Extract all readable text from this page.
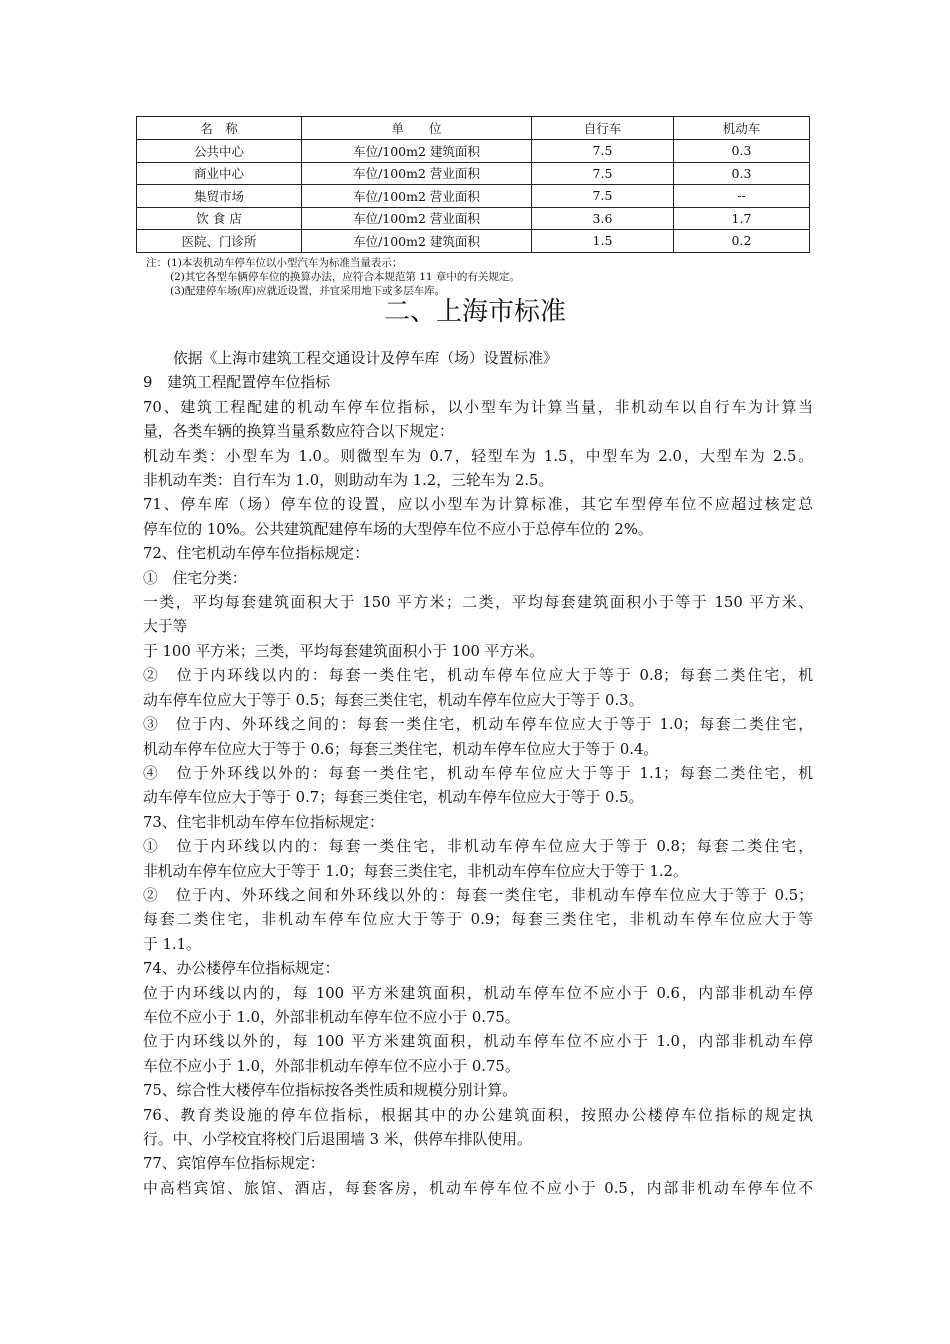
名　称	单　　位	自行车	机动车
公共中心	车位/100m2 建筑面积	7.5	0.3
商业中心	车位/100m2 营业面积	7.5	0.3
集贸市场	车位/100m2 营业面积	7.5	--
饮 食 店	车位/100m2 营业面积	3.6	1.7
医院、门诊所	车位/100m2 建筑面积	1.5	0.2
注：(1)本表机动车停车位以小型汽车为标准当量表示；
(2)其它各型车辆停车位的换算办法，应符合本规范第 11 章中的有关规定。
(3)配建停车场(库)应就近设置，并宜采用地下或多层车库。
二、上海市标准

依据《上海市建筑工程交通设计及停车库（场）设置标准》

9　建筑工程配置停车位指标

70、建筑工程配建的机动车停车位指标，以小型车为计算当量，非机动车以自行车为计算当

量，各类车辆的换算当量系数应符合以下规定：

机动车类：小型车为 1.0。则微型车为 0.7，轻型车为 1.5，中型车为 2.0，大型车为 2.5。

非机动车类：自行车为 1.0，则助动车为 1.2，三轮车为 2.5。

71、停车库（场）停车位的设置，应以小型车为计算标准，其它车型停车位不应超过核定总

停车位的 10%。公共建筑配建停车场的大型停车位不应小于总停车位的 2%。

72、住宅机动车停车位指标规定：

①　住宅分类：

一类，平均每套建筑面积大于 150 平方米；二类，平均每套建筑面积小于等于 150 平方米、

大于等

于 100 平方米；三类，平均每套建筑面积小于 100 平方米。

②　位于内环线以内的：每套一类住宅，机动车停车位应大于等于 0.8；每套二类住宅，机

动车停车位应大于等于 0.5；每套三类住宅，机动车停车位应大于等于 0.3。

③　位于内、外环线之间的：每套一类住宅，机动车停车位应大于等于 1.0；每套二类住宅，

机动车停车位应大于等于 0.6；每套三类住宅，机动车停车位应大于等于 0.4。

④　位于外环线以外的：每套一类住宅，机动车停车位应大于等于 1.1；每套二类住宅，机

动车停车位应大于等于 0.7；每套三类住宅，机动车停车位应大于等于 0.5。

73、住宅非机动车停车位指标规定：

①　位于内环线以内的：每套一类住宅，非机动车停车位应大于等于 0.8；每套二类住宅，

非机动车停车位应大于等于 1.0；每套三类住宅，非机动车停车位应大于等于 1.2。

②　位于内、外环线之间和外环线以外的：每套一类住宅，非机动车停车位应大于等于 0.5；

每套二类住宅，非机动车停车位应大于等于 0.9；每套三类住宅，非机动车停车位应大于等

于 1.1。

74、办公楼停车位指标规定：

位于内环线以内的，每 100 平方米建筑面积，机动车停车位不应小于 0.6，内部非机动车停

车位不应小于 1.0，外部非机动车停车位不应小于 0.75。

位于内环线以外的，每 100 平方米建筑面积，机动车停车位不应小于 1.0，内部非机动车停

车位不应小于 1.0，外部非机动车停车位不应小于 0.75。

75、综合性大楼停车位指标按各类性质和规模分别计算。

76、教育类设施的停车位指标，根据其中的办公建筑面积，按照办公楼停车位指标的规定执

行。中、小学校宜将校门后退围墙 3 米，供停车排队使用。

77、宾馆停车位指标规定：

中高档宾馆、旅馆、酒店，每套客房，机动车停车位不应小于 0.5，内部非机动车停车位不
